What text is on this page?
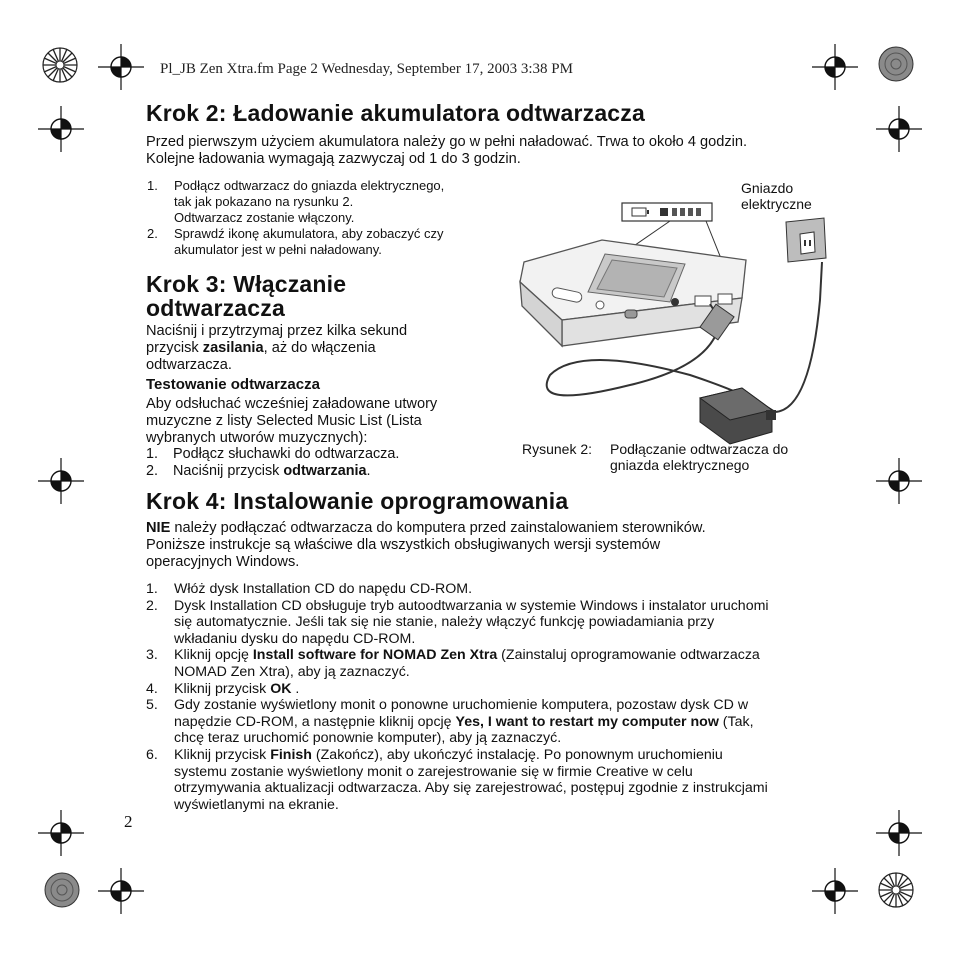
Pl_JB Zen Xtra.fm Page 2 Wednesday, September 17, 2003 3:38 PM
Krok 2: Ładowanie akumulatora odtwarzacza
Przed pierwszym użyciem akumulatora należy go w pełni naładować. Trwa to około 4 godzin.
Kolejne ładowania wymagają zazwyczaj od 1 do 3 godzin.
1. Podłącz odtwarzacz do gniazda elektrycznego,
tak jak pokazano na rysunku 2.
Odtwarzacz zostanie włączony.
2. Sprawdź ikonę akumulatora, aby zobaczyć czy
akumulator jest w pełni naładowany.
Krok 3: Włączanie
odtwarzacza
Naciśnij i przytrzymaj przez kilka sekund
przycisk zasilania, aż do włączenia
odtwarzacza.
Testowanie odtwarzacza
Aby odsłuchać wcześniej załadowane utwory
muzyczne z listy Selected Music List (Lista
wybranych utworów muzycznych):
1. Podłącz słuchawki do odtwarzacza.
2. Naciśnij przycisk odtwarzania.
Gniazdo
elektryczne
Rysunek 2: Podłączanie odtwarzacza do
gniazda elektrycznego
Krok 4: Instalowanie oprogramowania
NIE należy podłączać odtwarzacza do komputera przed zainstalowaniem sterowników.
Poniższe instrukcje są właściwe dla wszystkich obsługiwanych wersji systemów
operacyjnych Windows.
1. Włóż dysk Installation CD do napędu CD-ROM.
2. Dysk Installation CD obsługuje tryb autoodtwarzania w systemie Windows i instalator uruchomi
się automatycznie. Jeśli tak się nie stanie, należy włączyć funkcję powiadamiania przy
wkładaniu dysku do napędu CD-ROM.
3. Kliknij opcję Install software for NOMAD Zen Xtra (Zainstaluj oprogramowanie odtwarzacza
NOMAD Zen Xtra), aby ją zaznaczyć.
4. Kliknij przycisk OK .
5. Gdy zostanie wyświetlony monit o ponowne uruchomienie komputera, pozostaw dysk CD w
napędzie CD-ROM, a następnie kliknij opcję Yes, I want to restart my computer now (Tak,
chcę teraz uruchomić ponownie komputer), aby ją zaznaczyć.
6. Kliknij przycisk Finish (Zakończ), aby ukończyć instalację. Po ponownym uruchomieniu
systemu zostanie wyświetlony monit o zarejestrowanie się w firmie Creative w celu
otrzymywania aktualizacji odtwarzacza. Aby się zarejestrować, postępuj zgodnie z instrukcjami
wyświetlanymi na ekranie.
2
